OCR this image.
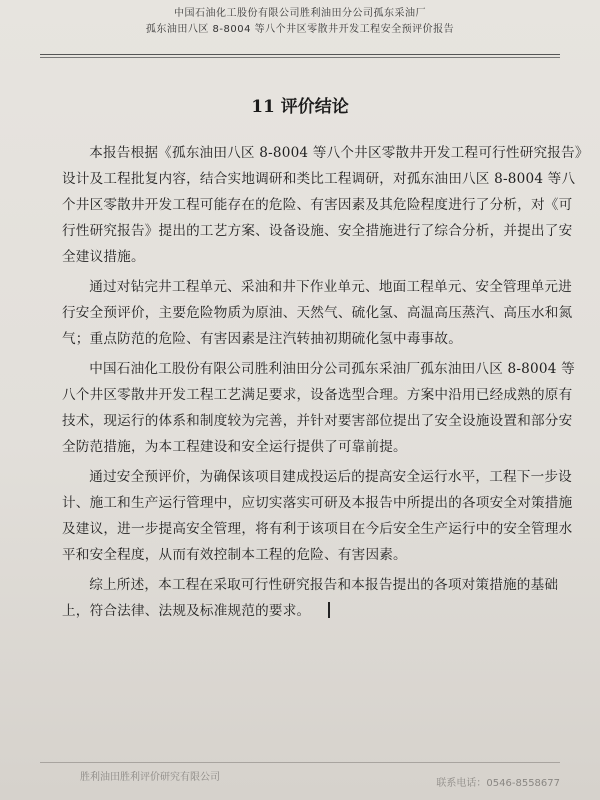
中国石油化工股份有限公司胜利油田分公司孤东采油厂
孤东油田八区 8-8004 等八个井区零散井开发工程安全预评价报告
11 评价结论

本报告根据《孤东油田八区 8-8004 等八个井区零散井开发工程可行性研究报告》设计及工程批复内容，结合实地调研和类比工程调研，对孤东油田八区 8-8004 等八个井区零散井开发工程可能存在的危险、有害因素及其危险程度进行了分析，对《可行性研究报告》提出的工艺方案、设备设施、安全措施进行了综合分析，并提出了安全建议措施。

通过对钻完井工程单元、采油和井下作业单元、地面工程单元、安全管理单元进行安全预评价，主要危险物质为原油、天然气、硫化氢、高温高压蒸汽、高压水和氮气；重点防范的危险、有害因素是注汽转抽初期硫化氢中毒事故。

中国石油化工股份有限公司胜利油田分公司孤东采油厂孤东油田八区 8-8004 等八个井区零散井开发工程工艺满足要求，设备选型合理。方案中沿用已经成熟的原有技术，现运行的体系和制度较为完善，并针对要害部位提出了安全设施设置和部分安全防范措施，为本工程建设和安全运行提供了可靠前提。

通过安全预评价，为确保该项目建成投运后的提高安全运行水平，工程下一步设计、施工和生产运行管理中，应切实落实可研及本报告中所提出的各项安全对策措施及建议，进一步提高安全管理，将有利于该项目在今后安全生产运行中的安全管理水平和安全程度，从而有效控制本工程的危险、有害因素。

综上所述，本工程在采取可行性研究报告和本报告提出的各项对策措施的基础上，符合法律、法规及标准规范的要求。

胜利油田胜利评价研究有限公司
联系电话：0546-8558677
